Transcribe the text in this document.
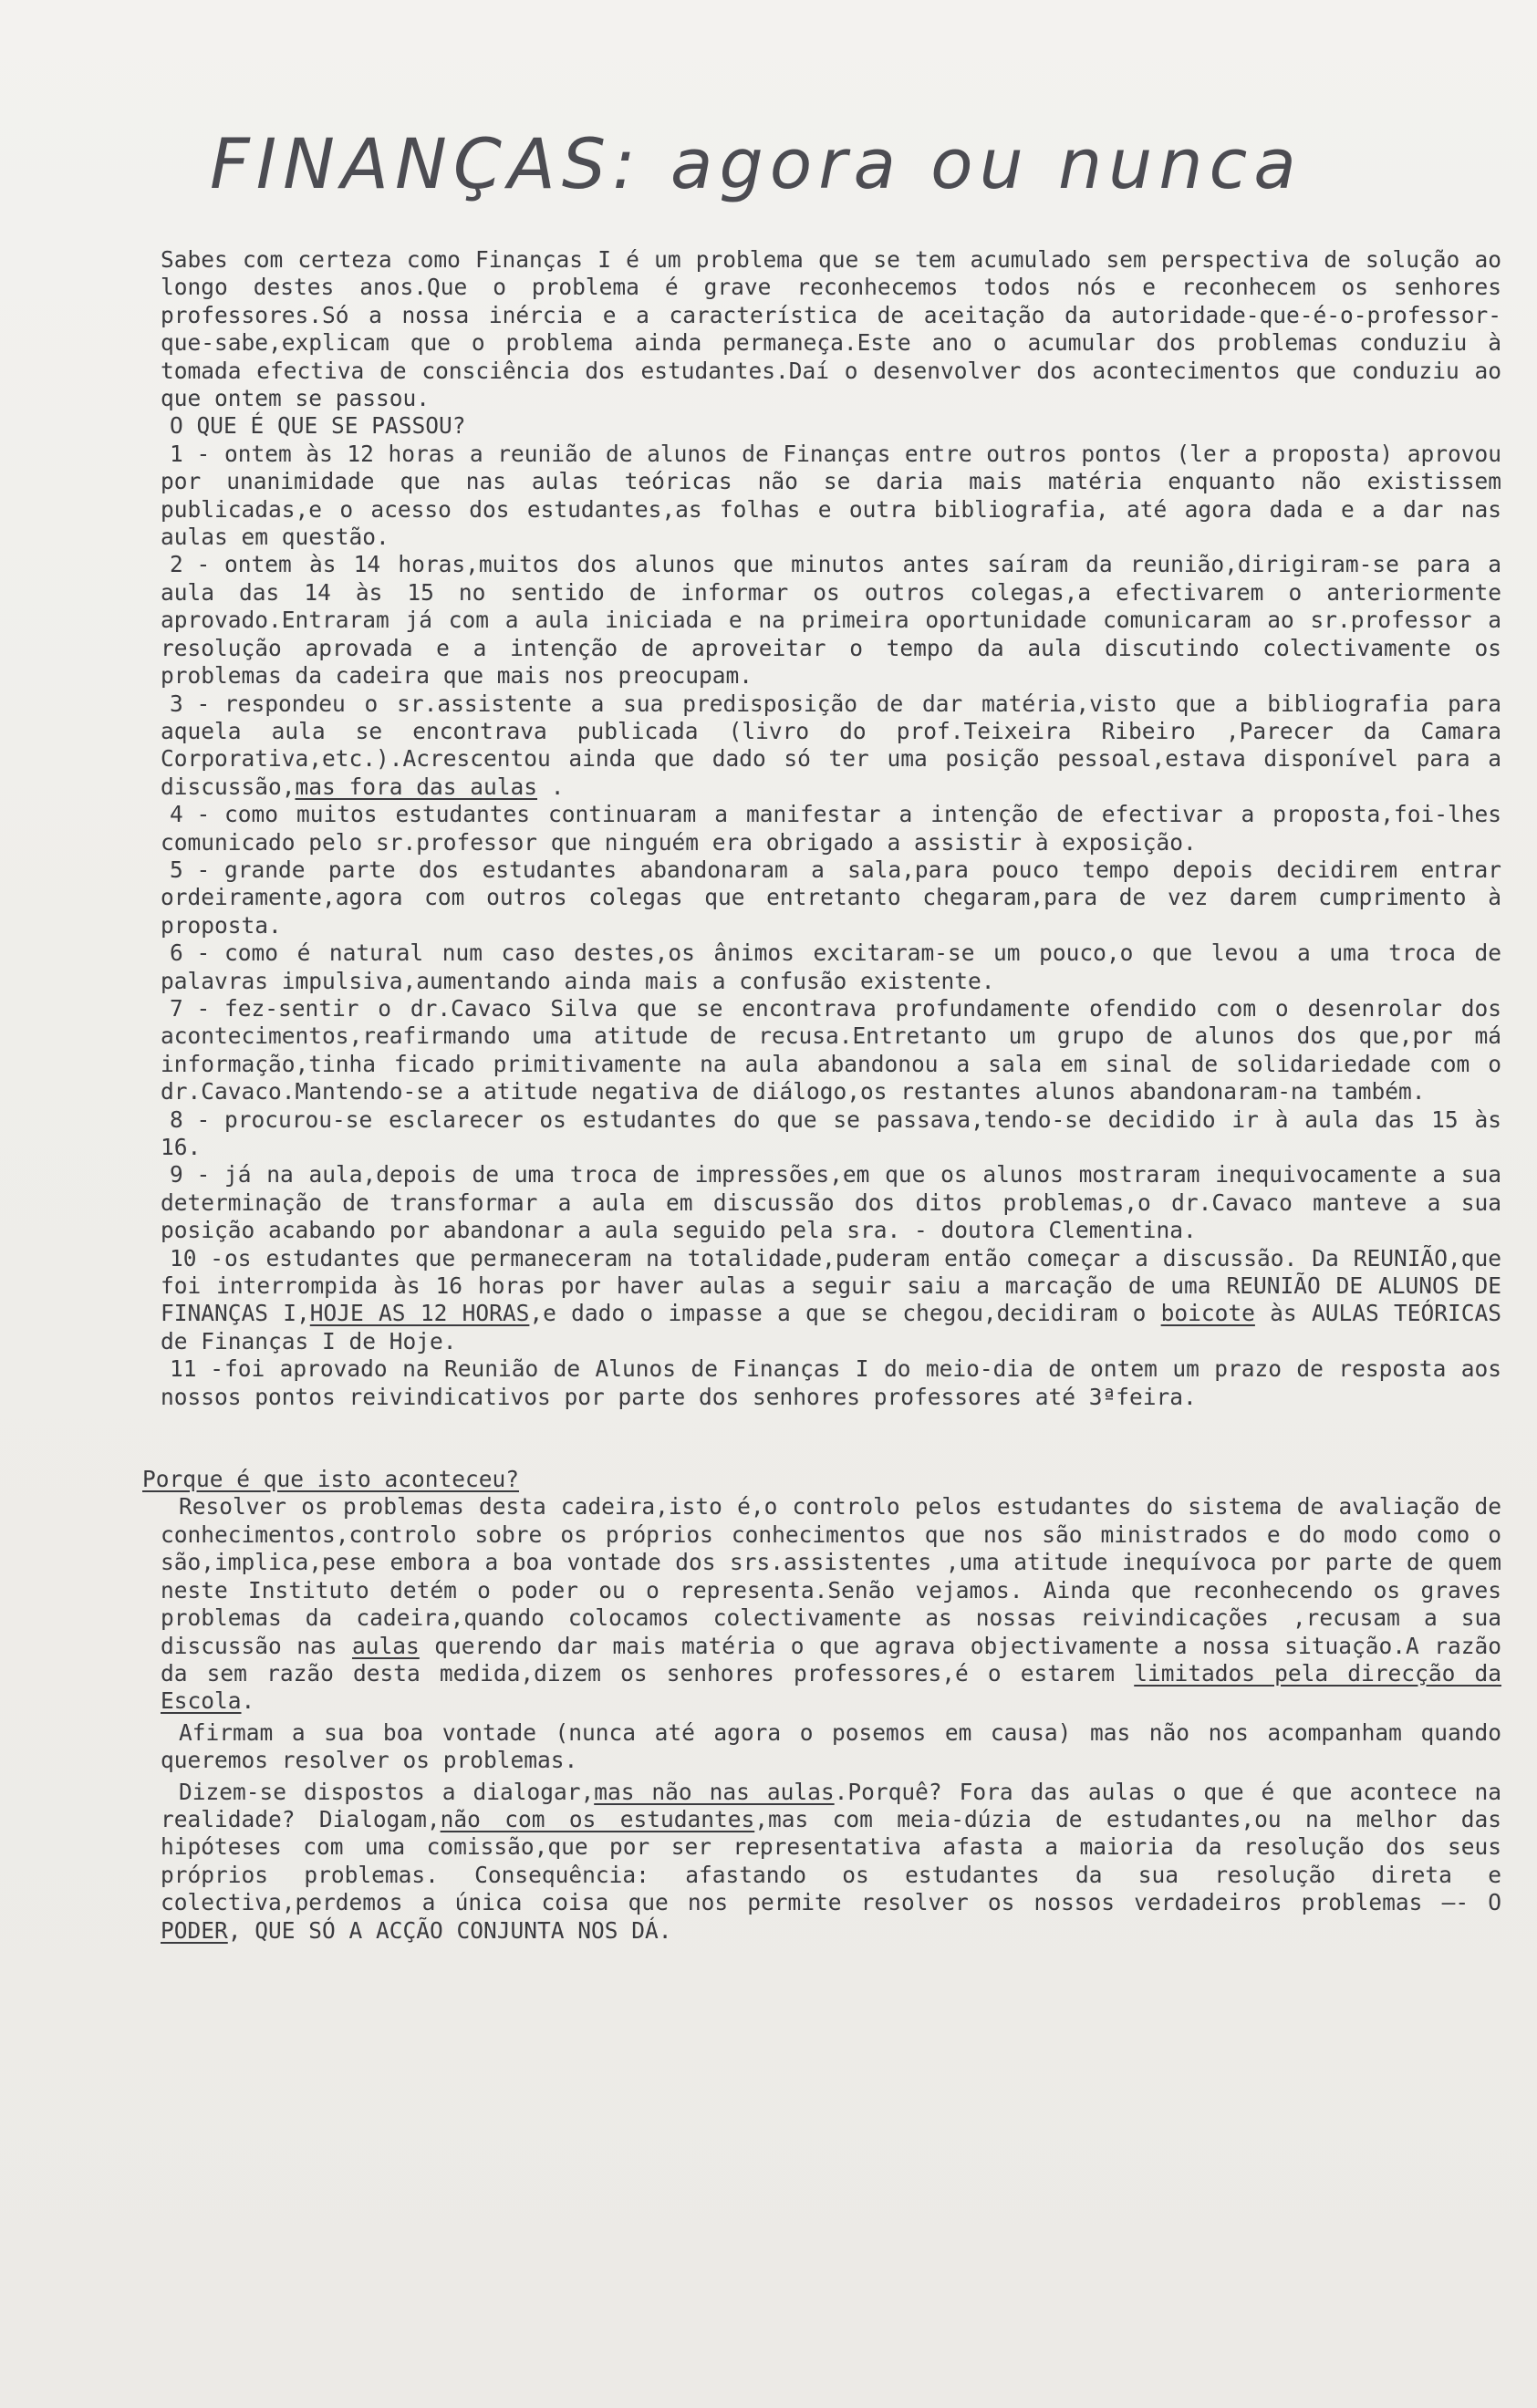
FINANÇAS: agora ou nunca

Sabes com certeza como Finanças I é um problema que se tem acumulado sem perspectiva de solução ao longo destes anos.Que o problema é grave reconhecemos todos nós e reconhecem os senhores professores.Só a nossa inércia e a característica de aceitação da autoridade-que-é-o-professor- que-sabe,explicam que o problema ainda permaneça.Este ano o acumular dos problemas conduziu à tomada efectiva de consciência dos estudantes.Daí o desenvolver dos acontecimentos que conduziu ao que ontem se passou.

O QUE É QUE SE PASSOU?

1 - ontem às 12 horas a reunião de alunos de Finanças entre outros pontos (ler a proposta) aprovou por unanimidade que nas aulas teóricas não se daria mais matéria enquanto não existissem publicadas,e o acesso dos estudantes,as folhas e outra bibliografia, até agora dada e a dar nas aulas em questão.

2 - ontem às 14 horas,muitos dos alunos que minutos antes saíram da reunião,dirigiram-se para a aula das 14 às 15 no sentido de informar os outros colegas,a efectivarem o anteriormente aprovado.Entraram já com a aula iniciada e na primeira oportunidade comunicaram ao sr.professor a resolução aprovada e a intenção de aproveitar o tempo da aula discutindo colectivamente os problemas da cadeira que mais nos preocupam.

3 - respondeu o sr.assistente a sua predisposição de dar matéria,visto que a bibliografia para aquela aula se encontrava publicada (livro do prof.Teixeira Ribeiro ,Parecer da Camara Corporativa,etc.).Acrescentou ainda que dado só ter uma posição pessoal,estava disponível para a discussão,mas fora das aulas .

4 - como muitos estudantes continuaram a manifestar a intenção de efectivar a proposta,foi-lhes comunicado pelo sr.professor que ninguém era obrigado a assistir à exposição.

5 - grande parte dos estudantes abandonaram a sala,para pouco tempo depois decidirem entrar ordeiramente,agora com outros colegas que entretanto chegaram,para de vez darem cumprimento à proposta.

6 - como é natural num caso destes,os ânimos excitaram-se um pouco,o que levou a uma troca de palavras impulsiva,aumentando ainda mais a confusão existente.

7 - fez-sentir o dr.Cavaco Silva que se encontrava profundamente ofendido com o desenrolar dos acontecimentos,reafirmando uma atitude de recusa.Entretanto um grupo de alunos dos que,por má informação,tinha ficado primitivamente na aula abandonou a sala em sinal de solidariedade com o dr.Cavaco.Mantendo-se a atitude negativa de diálogo,os restantes alunos abandonaram-na também.

8 - procurou-se esclarecer os estudantes do que se passava,tendo-se decidido ir à aula das 15 às 16.

9 - já na aula,depois de uma troca de impressões,em que os alunos mostraram inequivocamente a sua determinação de transformar a aula em discussão dos ditos problemas,o dr.Cavaco manteve a sua posição acabando por abandonar a aula seguido pela sra. - doutora Clementina.

10 -os estudantes que permaneceram na totalidade,puderam então começar a discussão. Da REUNIÃO,que foi interrompida às 16 horas por haver aulas a seguir saiu a marcação de uma REUNIÃO DE ALUNOS DE FINANÇAS I,HOJE AS 12 HORAS,e dado o impasse a que se chegou,decidiram o boicote às AULAS TEÓRICAS de Finanças I de Hoje.

11 -foi aprovado na Reunião de Alunos de Finanças I do meio-dia de ontem um prazo de resposta aos nossos pontos reivindicativos por parte dos senhores professores até 3ªfeira.

Porque é que isto aconteceu?

Resolver os problemas desta cadeira,isto é,o controlo pelos estudantes do sistema de avaliação de conhecimentos,controlo sobre os próprios conhecimentos que nos são ministrados e do modo como o são,implica,pese embora a boa vontade dos srs.assistentes ,uma atitude inequívoca por parte de quem neste Instituto detém o poder ou o representa.Senão vejamos. Ainda que reconhecendo os graves problemas da cadeira,quando colocamos colectivamente as nossas reivindicações ,recusam a sua discussão nas aulas querendo dar mais matéria o que agrava objectivamente a nossa situação.A razão da sem razão desta medida,dizem os senhores professores,é o estarem limitados pela direcção da Escola.

Afirmam a sua boa vontade (nunca até agora o posemos em causa) mas não nos acompanham quando queremos resolver os problemas.

Dizem-se dispostos a dialogar,mas não nas aulas.Porquê? Fora das aulas o que é que acontece na realidade? Dialogam,não com os estudantes,mas com meia-dúzia de estudantes,ou na melhor das hipóteses com uma comissão,que por ser representativa afasta a maioria da resolução dos seus próprios problemas. Consequência: afastando os estudantes da sua resolução direta e colectiva,perdemos a única coisa que nos permite resolver os nossos verdadeiros problemas —- O PODER, QUE SÓ A ACÇÃO CONJUNTA NOS DÁ.
